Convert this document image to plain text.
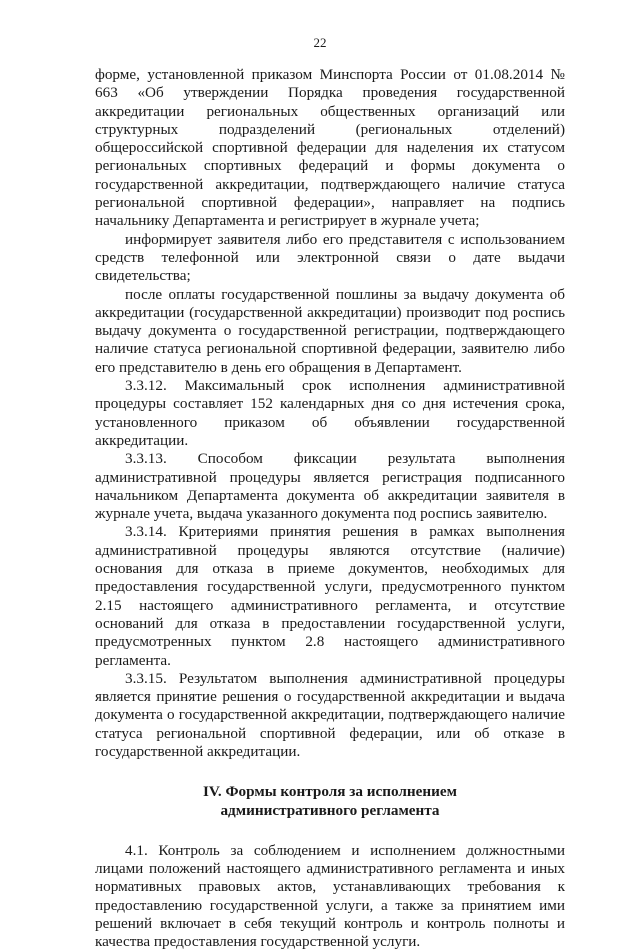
22

форме, установленной приказом Минспорта России от 01.08.2014 № 663 «Об утверждении Порядка проведения государственной аккредитации региональных общественных организаций или структурных подразделений (региональных отделений) общероссийской спортивной федерации для наделения их статусом региональных спортивных федераций и формы документа о государственной аккредитации, подтверждающего наличие статуса региональной спортивной федерации», направляет на подпись начальнику Департамента и регистрирует в журнале учета;

информирует заявителя либо его представителя с использованием средств телефонной или электронной связи о дате выдачи свидетельства;

после оплаты государственной пошлины за выдачу документа об аккредитации (государственной аккредитации) производит под роспись выдачу документа о государственной регистрации, подтверждающего наличие статуса региональной спортивной федерации, заявителю либо его представителю в день его обращения в Департамент.

3.3.12. Максимальный срок исполнения административной процедуры составляет 152 календарных дня со дня истечения срока, установленного приказом об объявлении государственной аккредитации.

3.3.13. Способом фиксации результата выполнения административной процедуры является регистрация подписанного начальником Департамента документа об аккредитации заявителя в журнале учета, выдача указанного документа под роспись заявителю.

3.3.14. Критериями принятия решения в рамках выполнения административной процедуры являются отсутствие (наличие) основания для отказа в приеме документов, необходимых для предоставления государственной услуги, предусмотренного пунктом 2.15 настоящего административного регламента, и отсутствие оснований для отказа в предоставлении государственной услуги, предусмотренных пунктом 2.8 настоящего административного регламента.

3.3.15. Результатом выполнения административной процедуры является принятие решения о государственной аккредитации и выдача документа о государственной аккредитации, подтверждающего наличие статуса региональной спортивной федерации, или об отказе в государственной аккредитации.

IV. Формы контроля за исполнением
административного регламента

4.1. Контроль за соблюдением и исполнением должностными лицами положений настоящего административного регламента и иных нормативных правовых актов, устанавливающих требования к предоставлению государственной услуги, а также за принятием ими решений включает в себя текущий контроль и контроль полноты и качества предоставления государственной услуги.
